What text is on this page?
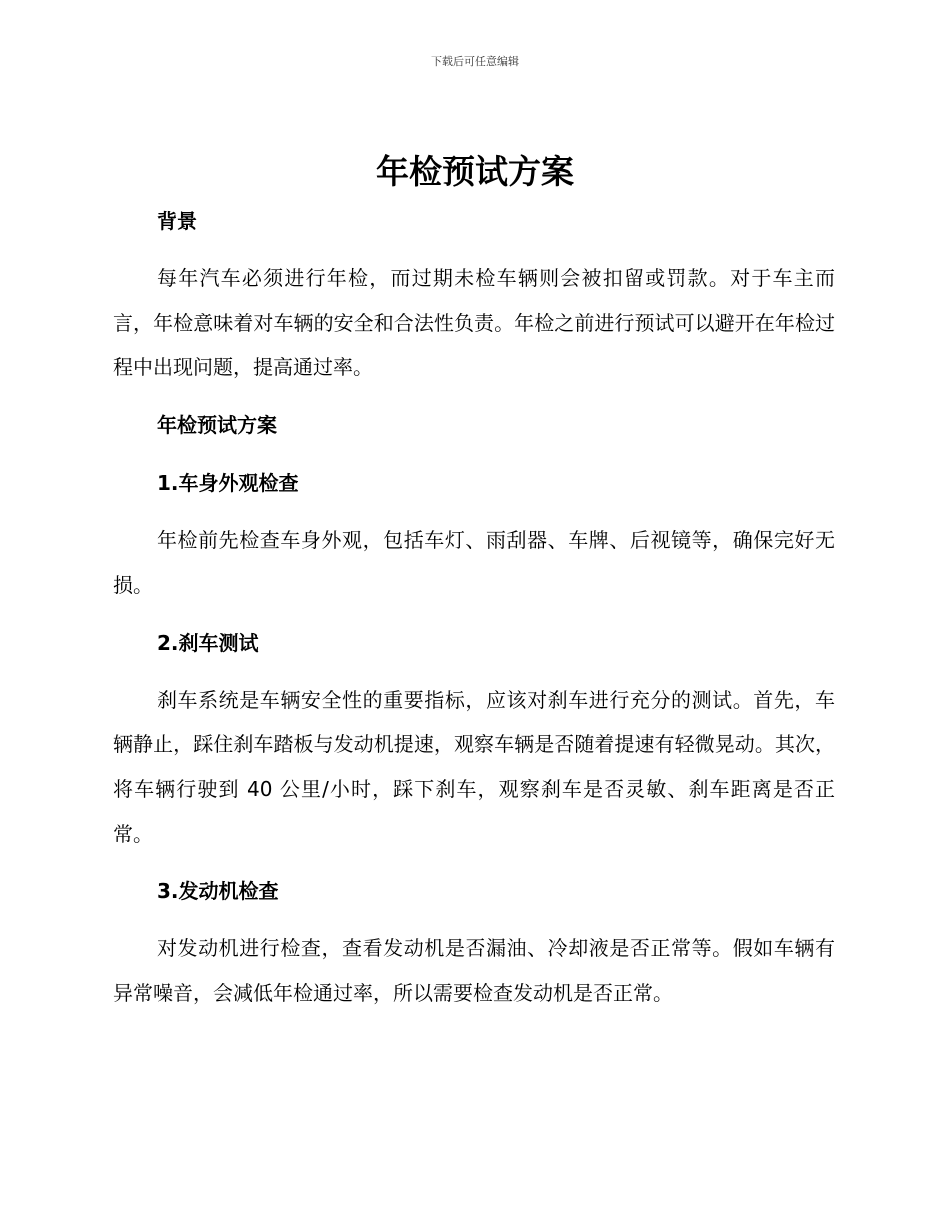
下载后可任意编辑
年检预试方案
背景

每年汽车必须进行年检，而过期未检车辆则会被扣留或罚款。对于车主而言，年检意味着对车辆的安全和合法性负责。年检之前进行预试可以避开在年检过程中出现问题，提高通过率。

年检预试方案
1.车身外观检查

年检前先检查车身外观，包括车灯、雨刮器、车牌、后视镜等，确保完好无损。

2.刹车测试

刹车系统是车辆安全性的重要指标，应该对刹车进行充分的测试。首先，车辆静止，踩住刹车踏板与发动机提速，观察车辆是否随着提速有轻微晃动。其次，将车辆行驶到 40 公里/小时，踩下刹车，观察刹车是否灵敏、刹车距离是否正常。

3.发动机检查

对发动机进行检查，查看发动机是否漏油、冷却液是否正常等。假如车辆有异常噪音，会减低年检通过率，所以需要检查发动机是否正常。
